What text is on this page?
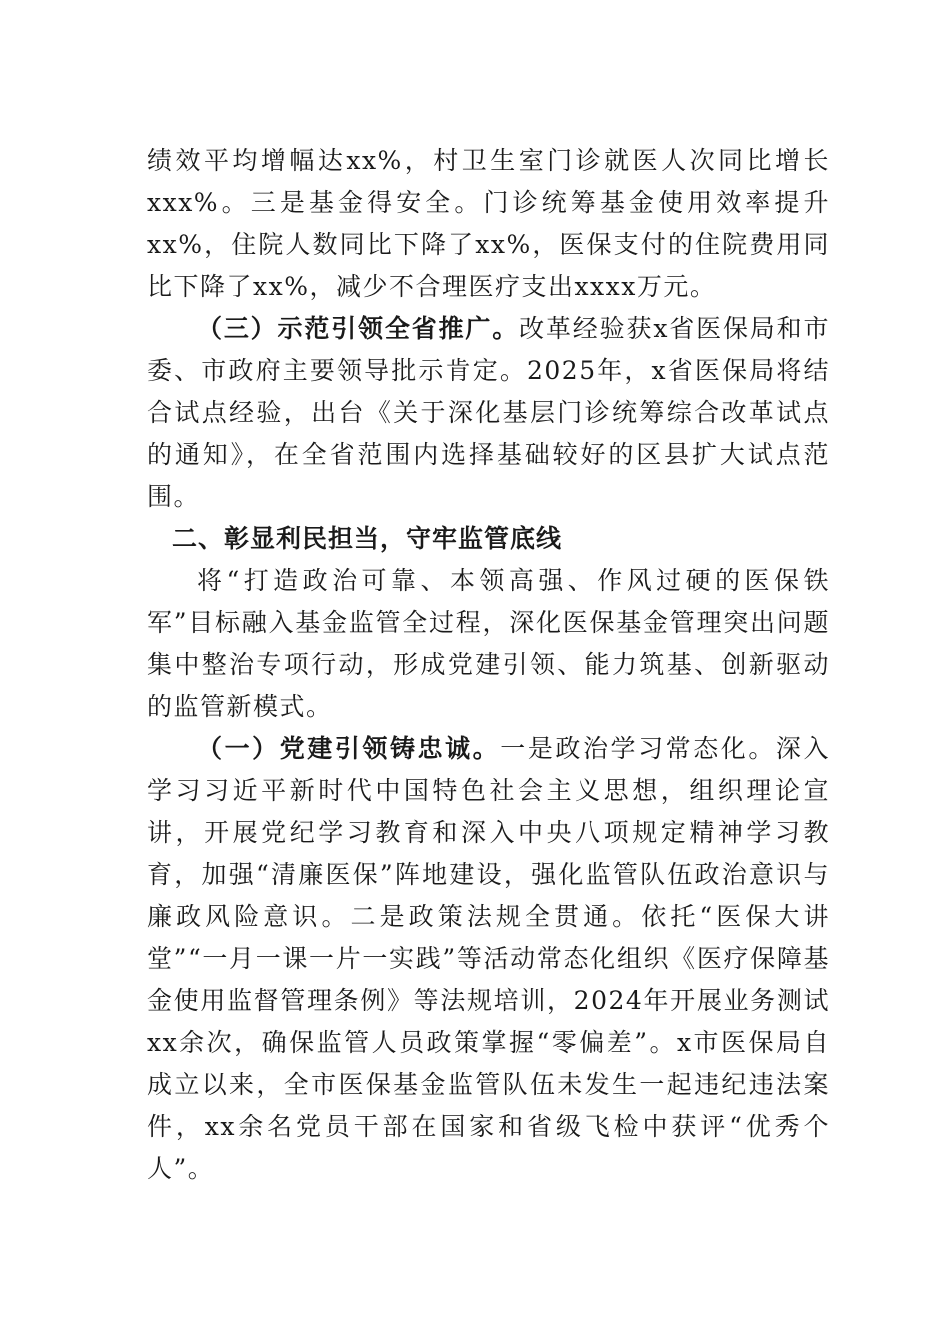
绩效平均增幅达xx%，村卫生室门诊就医人次同比增长xxx%。三是基金得安全。门诊统筹基金使用效率提升xx%，住院人数同比下降了xx%，医保支付的住院费用同比下降了xx%，减少不合理医疗支出xxxx万元。

（三）示范引领全省推广。改革经验获x省医保局和市委、市政府主要领导批示肯定。2025年，x省医保局将结合试点经验，出台《关于深化基层门诊统筹综合改革试点的通知》，在全省范围内选择基础较好的区县扩大试点范围。

二、彰显利民担当，守牢监管底线

将“打造政治可靠、本领高强、作风过硬的医保铁军”目标融入基金监管全过程，深化医保基金管理突出问题集中整治专项行动，形成党建引领、能力筑基、创新驱动的监管新模式。

（一）党建引领铸忠诚。一是政治学习常态化。深入学习习近平新时代中国特色社会主义思想，组织理论宣讲，开展党纪学习教育和深入中央八项规定精神学习教育，加强“清廉医保”阵地建设，强化监管队伍政治意识与廉政风险意识。二是政策法规全贯通。依托“医保大讲堂”“一月一课一片一实践”等活动常态化组织《医疗保障基金使用监督管理条例》等法规培训，2024年开展业务测试xx余次，确保监管人员政策掌握“零偏差”。x市医保局自成立以来，全市医保基金监管队伍未发生一起违纪违法案件，xx余名党员干部在国家和省级飞检中获评“优秀个人”。
